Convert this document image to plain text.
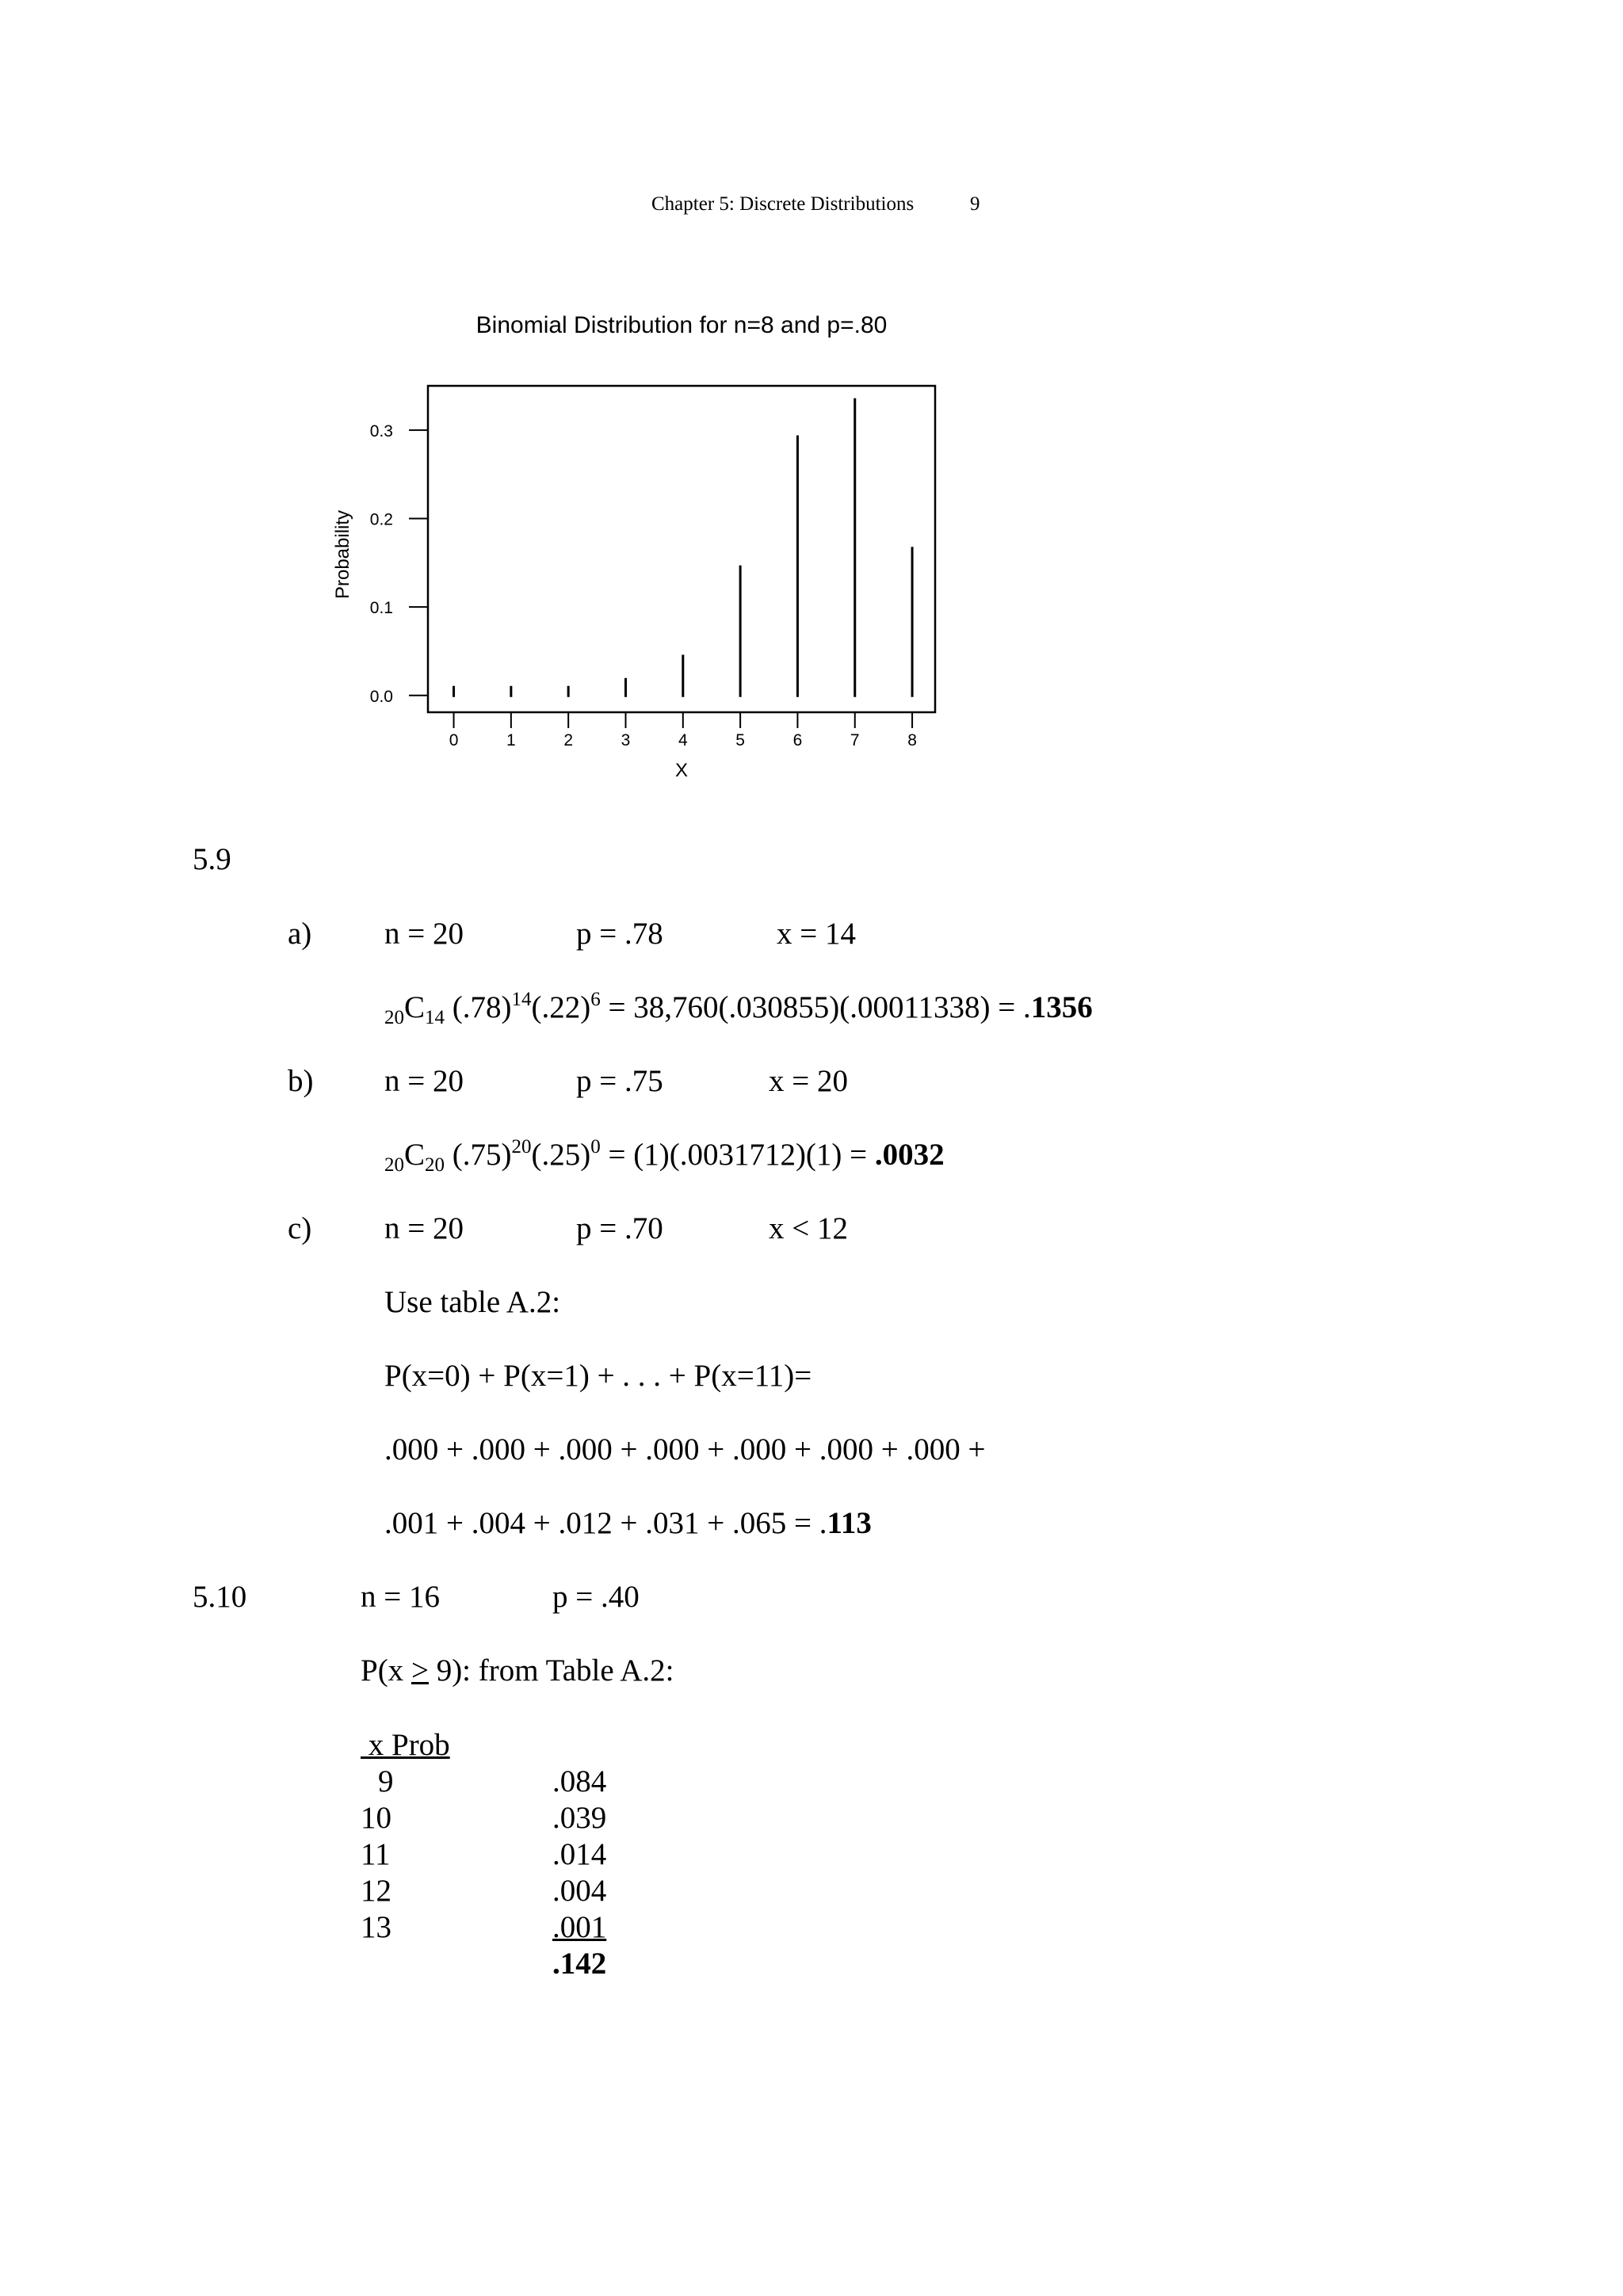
Chapter 5: Discrete Distributions	9
Binomial Distribution for n=8 and p=.80
0.0
0.1
0.2
0.3
0	1	2	3	4	5	6	7	8
X
Probability
5.9
a) n = 20	p = .78	x = 14
$_{20}C_{14}$ $(.78)^{14}(.22)^6 = 38,760(.030855)(.00011338) = .1356$
b) n = 20	p = .75	x = 20
$_{20}C_{20}$ $(.75)^{20}(.25)^0 = (1)(.0031712)(1) = .0032$
c) n = 20	p = .70	x < 12
Use table A.2:
P(x=0) + P(x=1) + . . . + P(x=11)=
.000 + .000 + .000 + .000 + .000 + .000 + .000 +
.001 + .004 + .012 + .031 + .065 = .113
5.10	n = 16	p = .40
P(x > 9): from Table A.2:
x Prob
9	.084
10	.039
11	.014
12	.004
13	.001
.142
